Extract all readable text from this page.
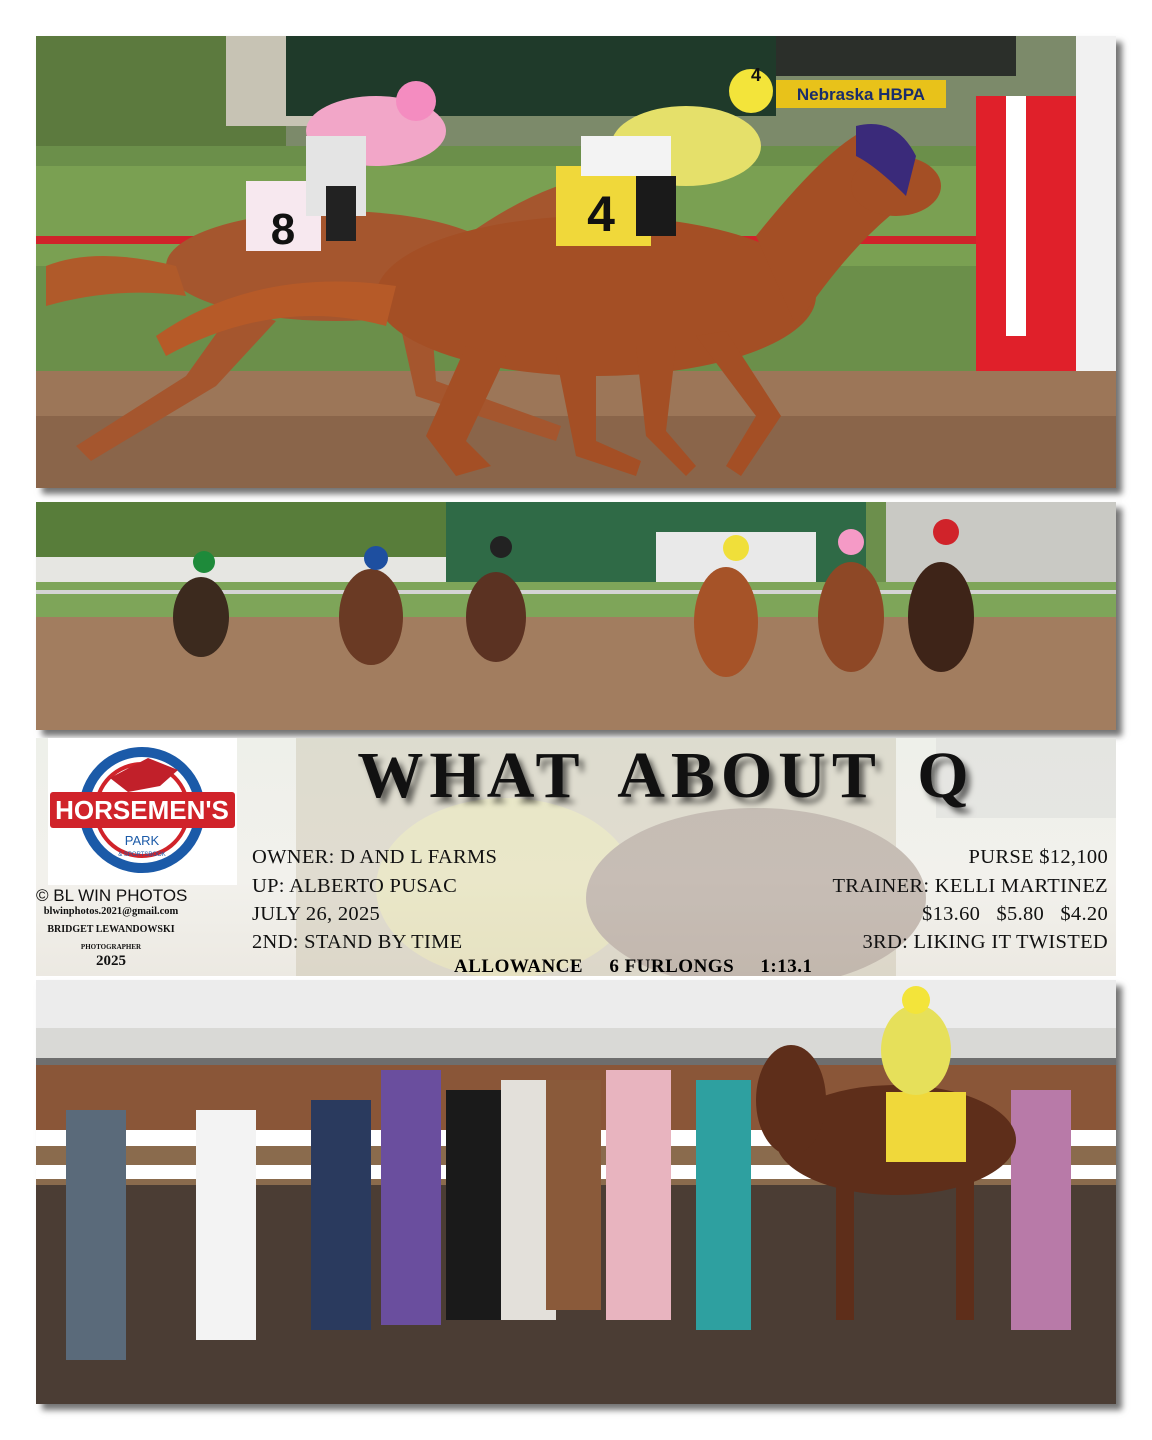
Nebraska HBPA
8	4
4
HORSEMEN'S
PARK
& SPORTSBOOK
© BL WIN PHOTOS
blwinphotos.2021@gmail.com
BRIDGET LEWANDOWSKI
PHOTOGRAPHER
2025
WHAT ABOUT Q
OWNER: D AND L FARMS
UP: ALBERTO PUSAC
JULY 26, 2025
2ND: STAND BY TIME
PURSE $12,100
TRAINER: KELLI MARTINEZ
$13.60   $5.80   $4.20
3RD: LIKING IT TWISTED
ALLOWANCE     6 FURLONGS     1:13.1
